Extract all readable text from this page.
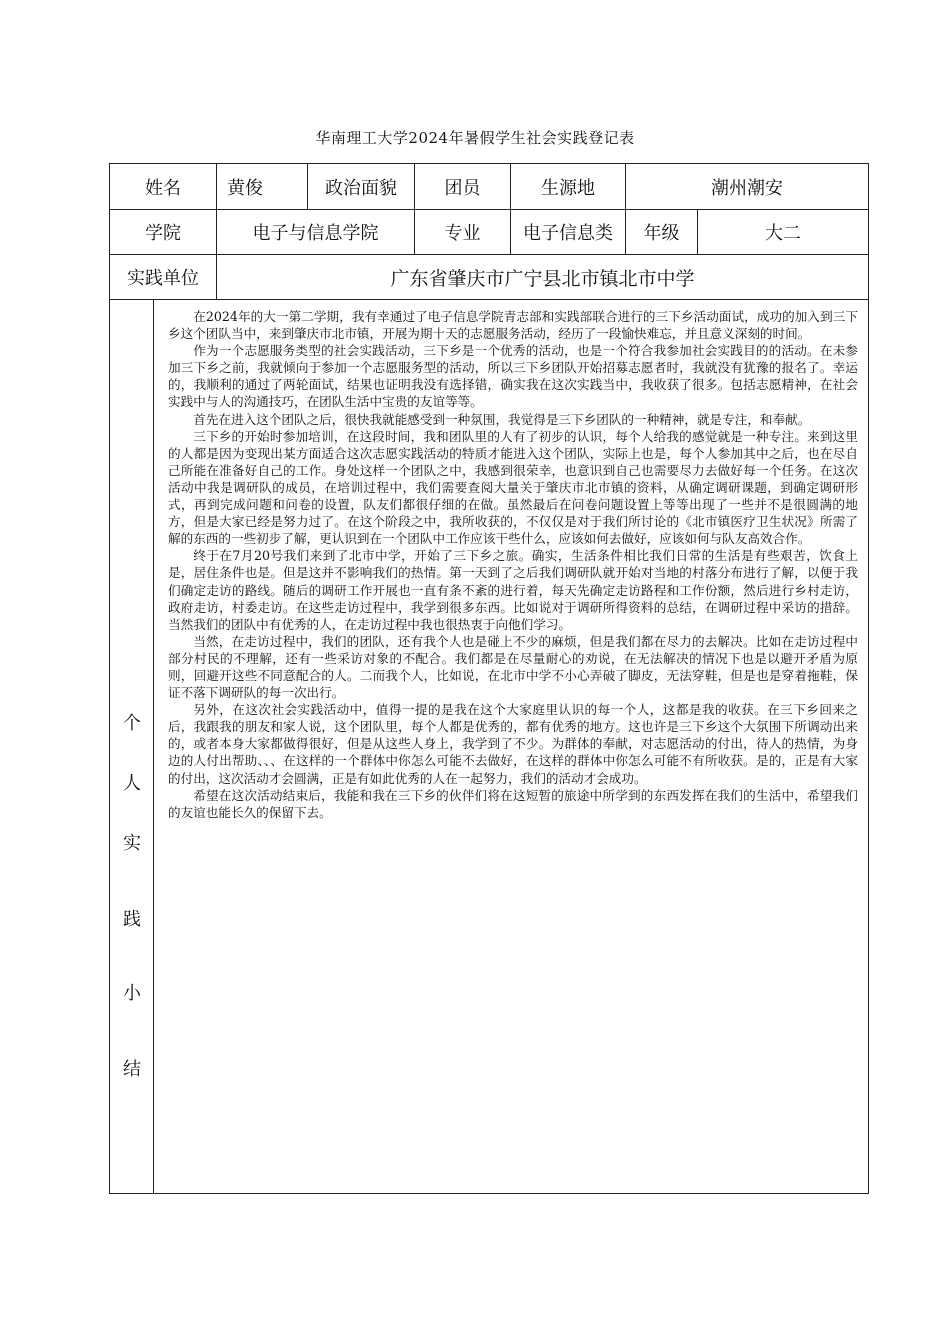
华南理工大学2024年暑假学生社会实践登记表
姓名	黄俊	政治面貌	团员	生源地	潮州潮安
学院	电子与信息学院	专业	电子信息类	年级	大二
实践单位	广东省肇庆市广宁县北市镇北市中学
个
人
实
践
小
结

在2024年的大一第二学期，我有幸通过了电子信息学院青志部和实践部联合进行的三下乡活动面试，成功的加入到三下乡这个团队当中，来到肇庆市北市镇，开展为期十天的志愿服务活动，经历了一段愉快难忘，并且意义深刻的时间。

作为一个志愿服务类型的社会实践活动，三下乡是一个优秀的活动，也是一个符合我参加社会实践目的的活动。在未参加三下乡之前，我就倾向于参加一个志愿服务型的活动，所以三下乡团队开始招募志愿者时，我就没有犹豫的报名了。幸运的，我顺利的通过了两轮面试，结果也证明我没有选择错，确实我在这次实践当中，我收获了很多。包括志愿精神，在社会实践中与人的沟通技巧，在团队生活中宝贵的友谊等等。

首先在进入这个团队之后，很快我就能感受到一种氛围，我觉得是三下乡团队的一种精神，就是专注，和奉献。

三下乡的开始时参加培训，在这段时间，我和团队里的人有了初步的认识，每个人给我的感觉就是一种专注。来到这里的人都是因为变现出某方面适合这次志愿实践活动的特质才能进入这个团队，实际上也是，每个人参加其中之后，也在尽自己所能在准备好自己的工作。身处这样一个团队之中，我感到很荣幸，也意识到自己也需要尽力去做好每一个任务。在这次活动中我是调研队的成员，在培训过程中，我们需要查阅大量关于肇庆市北市镇的资料，从确定调研课题，到确定调研形式，再到完成问题和问卷的设置，队友们都很仔细的在做。虽然最后在问卷问题设置上等等出现了一些并不是很圆满的地方，但是大家已经是努力过了。在这个阶段之中，我所收获的，不仅仅是对于我们所讨论的《北市镇医疗卫生状况》所需了解的东西的一些初步了解，更认识到在一个团队中工作应该干些什么，应该如何去做好，应该如何与队友高效合作。

终于在7月20号我们来到了北市中学，开始了三下乡之旅。确实，生活条件相比我们日常的生活是有些艰苦，饮食上是，居住条件也是。但是这并不影响我们的热情。第一天到了之后我们调研队就开始对当地的村落分布进行了解，以便于我们确定走访的路线。随后的调研工作开展也一直有条不紊的进行着，每天先确定走访路程和工作份额，然后进行乡村走访，政府走访，村委走访。在这些走访过程中，我学到很多东西。比如说对于调研所得资料的总结，在调研过程中采访的措辞。当然我们的团队中有优秀的人，在走访过程中我也很热衷于向他们学习。

当然，在走访过程中，我们的团队，还有我个人也是碰上不少的麻烦，但是我们都在尽力的去解决。比如在走访过程中部分村民的不理解，还有一些采访对象的不配合。我们都是在尽量耐心的劝说，在无法解决的情况下也是以避开矛盾为原则，回避开这些不同意配合的人。二而我个人，比如说，在北市中学不小心弄破了脚皮，无法穿鞋，但是也是穿着拖鞋，保证不落下调研队的每一次出行。

另外，在这次社会实践活动中，值得一提的是我在这个大家庭里认识的每一个人，这都是我的收获。在三下乡回来之后，我跟我的朋友和家人说，这个团队里，每个人都是优秀的，都有优秀的地方。这也许是三下乡这个大氛围下所调动出来的，或者本身大家都做得很好，但是从这些人身上，我学到了不少。为群体的奉献，对志愿活动的付出，待人的热情，为身边的人付出帮助、、、在这样的一个群体中你怎么可能不去做好，在这样的群体中你怎么可能不有所收获。是的，正是有大家的付出，这次活动才会圆满，正是有如此优秀的人在一起努力，我们的活动才会成功。

希望在这次活动结束后，我能和我在三下乡的伙伴们将在这短暂的旅途中所学到的东西发挥在我们的生活中，希望我们的友谊也能长久的保留下去。
